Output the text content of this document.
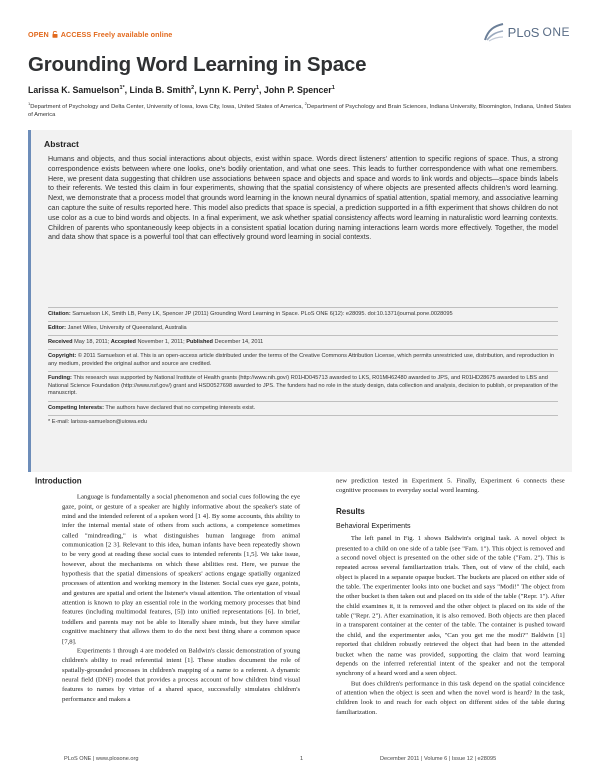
OPEN ACCESS Freely available online	PLoS ONE
Grounding Word Learning in Space
Larissa K. Samuelson$^{1*}$, Linda B. Smith$^2$, Lynn K. Perry$^1$, John P. Spencer$^1$
$^1$Department of Psychology and Delta Center, University of Iowa, Iowa City, Iowa, United States of America, $^2$Department of Psychology and Brain Sciences, Indiana University, Bloomington, Indiana, United States of America
Abstract
Humans and objects, and thus social interactions about objects, exist within space. Words direct listeners' attention to specific regions of space. Thus, a strong correspondence exists between where one looks, one's bodily orientation, and what one sees. This leads to further correspondence with what one remembers. Here, we present data suggesting that children use associations between space and objects and space and words to link words and objects—space binds labels to their referents. We tested this claim in four experiments, showing that the spatial consistency of where objects are presented affects children's word learning. Next, we demonstrate that a process model that grounds word learning in the known neural dynamics of spatial attention, spatial memory, and associative learning can capture the suite of results reported here. This model also predicts that space is special, a prediction supported in a fifth experiment that shows children do not use color as a cue to bind words and objects. In a final experiment, we ask whether spatial consistency affects word learning in naturalistic word learning contexts. Children of parents who spontaneously keep objects in a consistent spatial location during naming interactions learn words more effectively. Together, the model and data show that space is a powerful tool that can effectively ground word learning in social contexts.
Citation: Samuelson LK, Smith LB, Perry LK, Spencer JP (2011) Grounding Word Learning in Space. PLoS ONE 6(12): e28095. doi:10.1371/journal.pone.0028095
Editor: Janet Wiles, University of Queensland, Australia
Received May 18, 2011; Accepted November 1, 2011; Published December 14, 2011
Copyright: © 2011 Samuelson et al. This is an open-access article distributed under the terms of the Creative Commons Attribution License, which permits unrestricted use, distribution, and reproduction in any medium, provided the original author and source are credited.
Funding: This research was supported by National Institute of Health grants (http://www.nih.gov/) R01HD045713 awarded to LKS, R01MH62480 awarded to JPS, and R01HD28675 awarded to LBS and National Science Foundation (http://www.nsf.gov/) grant and HSD0527698 awarded to JPS. The funders had no role in the study design, data collection and analysis, decision to publish, or preparation of the manuscript.
Competing Interests: The authors have declared that no competing interests exist.
* E-mail: larissa-samuelson@uiowa.edu
Introduction

Language is fundamentally a social phenomenon and social cues following the eye gaze, point, or gesture of a speaker are highly informative about the speaker's state of mind and the intended referent of a spoken word [1 4]. By some accounts, this ability to infer the internal mental state of others from such actions, a competence sometimes called "mindreading," is what distinguishes human language from animal communication [2 3]. Relevant to this idea, human infants have been repeatedly shown to be very good at reading these social cues to intended referents [1,5]. We take issue, however, about the mechanisms on which these abilities rest. Here, we pursue the hypothesis that the spatial dimensions of speakers' actions engage spatially organized processes of attention and working memory in the listener. Social cues eye gaze, points, and gestures are spatial and orient the listener's visual attention. The orientation of visual attention is known to play an essential role in the working memory processes that bind features (including multimodal features, [5]) into unified representations [6]. In brief, toddlers and parents may not be able to literally share minds, but they have similar cognitive machinery that allows them to do the next best thing share a common space [7,8].

Experiments 1 through 4 are modeled on Baldwin's classic demonstration of young children's ability to read referential intent [1]. These studies document the role of spatially-grounded processes in children's mapping of a name to a referent. A dynamic neural field (DNF) model that provides a process account of how children bind visual features to names by virtue of a shared space, successfully simulates children's performance and makes a

new prediction tested in Experiment 5. Finally, Experiment 6 connects these cognitive processes to everyday social word learning.

Results
Behavioral Experiments

The left panel in Fig. 1 shows Baldwin's original task. A novel object is presented to a child on one side of a table (see "Fam. 1"). This object is removed and a second novel object is presented on the other side of the table ("Fam. 2"). This is repeated across several familiarization trials. Then, out of view of the child, each object is placed in a separate opaque bucket. The buckets are placed on either side of the table. The experimenter looks into one bucket and says "Modi!" The object from the other bucket is then taken out and placed on its side of the table ("Repr. 1"). After the child examines it, it is removed and the other object is placed on its side of the table ("Repr. 2"). After examination, it is also removed. Both objects are then placed in a transparent container at the center of the table. The container is pushed toward the child, and the experimenter asks, "Can you get me the modi?" Baldwin [1] reported that children robustly retrieved the object that had been in the attended bucket when the name was provided, supporting the claim that word learning depends on the inferred referential intent of the speaker and not the temporal synchrony of a heard word and a seen object.

But does children's performance in this task depend on the spatial coincidence of attention when the object is seen and when the novel word is heard? In the task, children look to and reach for each object on different sides of the table during familiarization.

PLoS ONE | www.plosone.org	1	December 2011 | Volume 6 | Issue 12 | e28095
